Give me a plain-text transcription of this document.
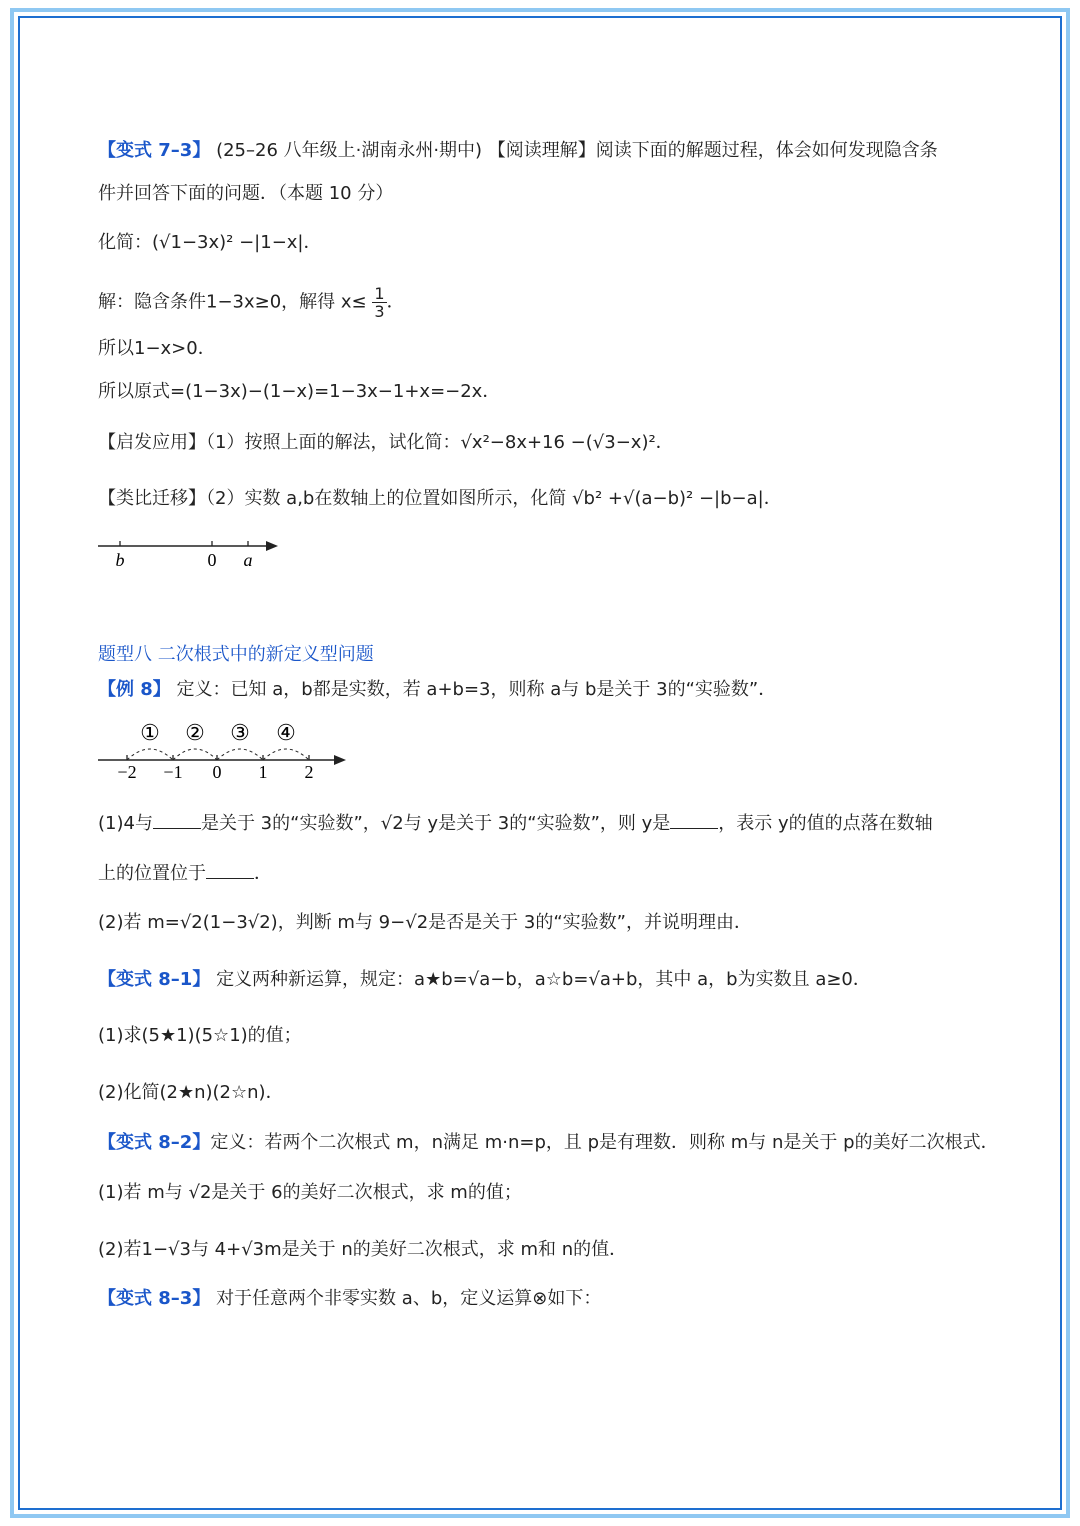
【变式 7–3】 (25–26 八年级上·湖南永州·期中) 【阅读理解】阅读下面的解题过程，体会如何发现隐含条
件并回答下面的问题．（本题 10 分）
化简：(√1−3x)² −|1−x|．
解：隐含条件1−3x≥0，解得 $x\le \frac{1}{3}$ ．
所以1−x>0．
所以原式=(1−3x)−(1−x)=1−3x−1+x=−2x．
【启发应用】（1）按照上面的解法，试化简：√x²−8x+16 −(√3−x)²．
【类比迁移】（2）实数 a,b在数轴上的位置如图所示，化简 √b² +√(a−b)² −|b−a|．
b	0 a
题型八 二次根式中的新定义型问题
【例 8】 定义：已知 a，b都是实数，若 a+b=3，则称 a与 b是关于 3的“实验数”．
① ② ③ ④
−2 −1 0 1 2
(1)4与	是关于 3的“实验数”，√2与 y是关于 3的“实验数”，则 y是	，表示 y的值的点落在数轴
上的位置位于	．
(2)若 m=√2(1−3√2)，判断 m与 9−√2是否是关于 3的“实验数”，并说明理由．
【变式 8–1】 定义两种新运算，规定：a★b=√a−b，a☆b=√a+b，其中 a，b为实数且 a≥0．
(1)求(5★1)(5☆1)的值；
(2)化简(2★n)(2☆n)．
【变式 8–2】定义：若两个二次根式 m，n满足 m·n=p，且 p是有理数．则称 m与 n是关于 p的美好二次根式．
(1)若 m与 √2是关于 6的美好二次根式，求 m的值；
(2)若1−√3与 4+√3m是关于 n的美好二次根式，求 m和 n的值．
【变式 8–3】 对于任意两个非零实数 a、b，定义运算⊗如下：
